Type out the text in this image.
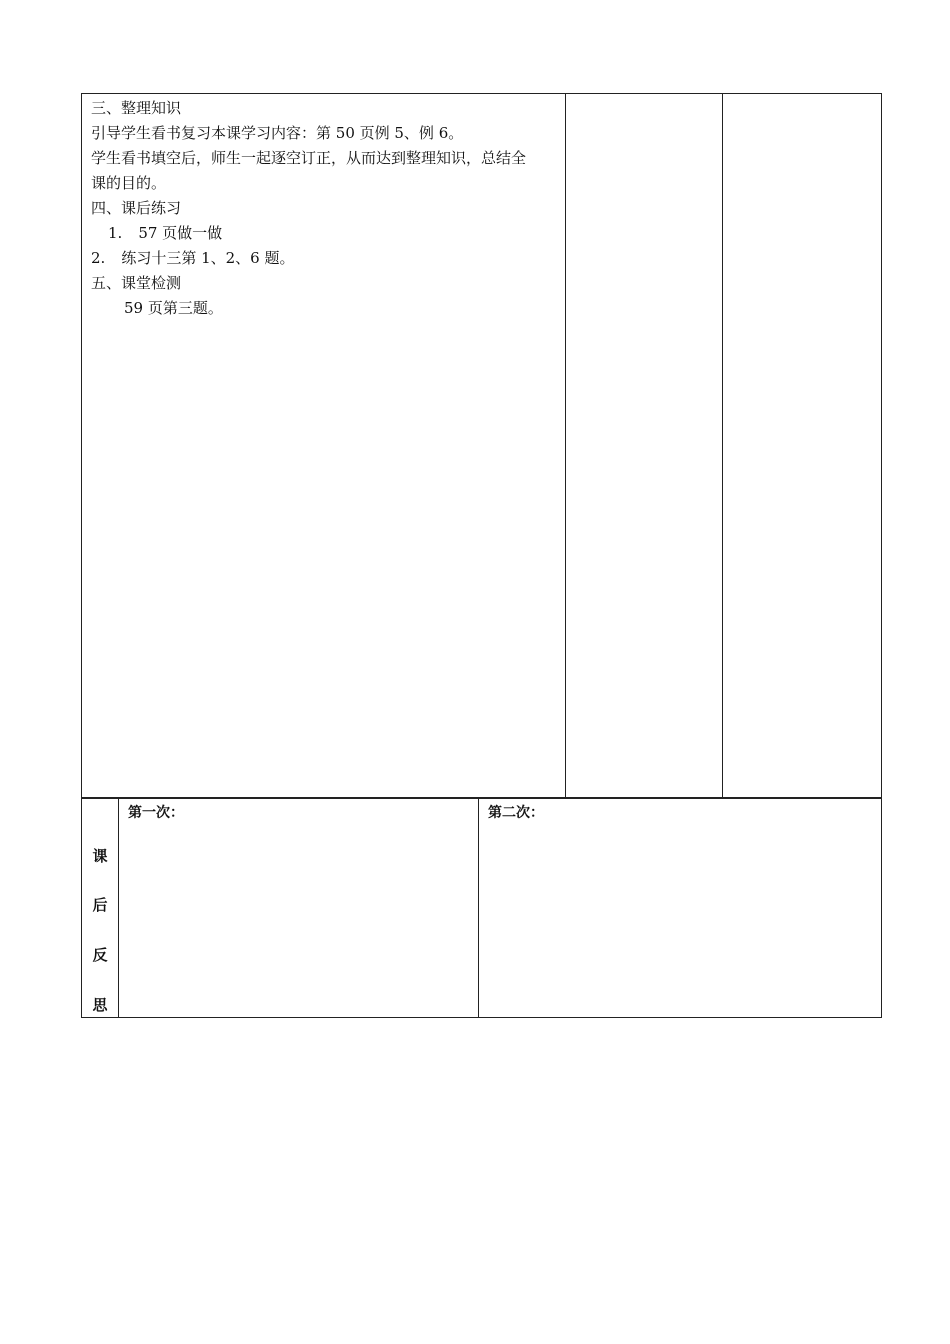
三、整理知识
引导学生看书复习本课学习内容：第 50 页例 5、例 6。
学生看书填空后，师生一起逐空订正，从而达到整理知识，总结全
课的目的。
四、课后练习
1. 57 页做一做
2. 练习十三第 1、2、6 题。
五、课堂检测
59 页第三题。
课
后
反
思
第一次：	第二次：
